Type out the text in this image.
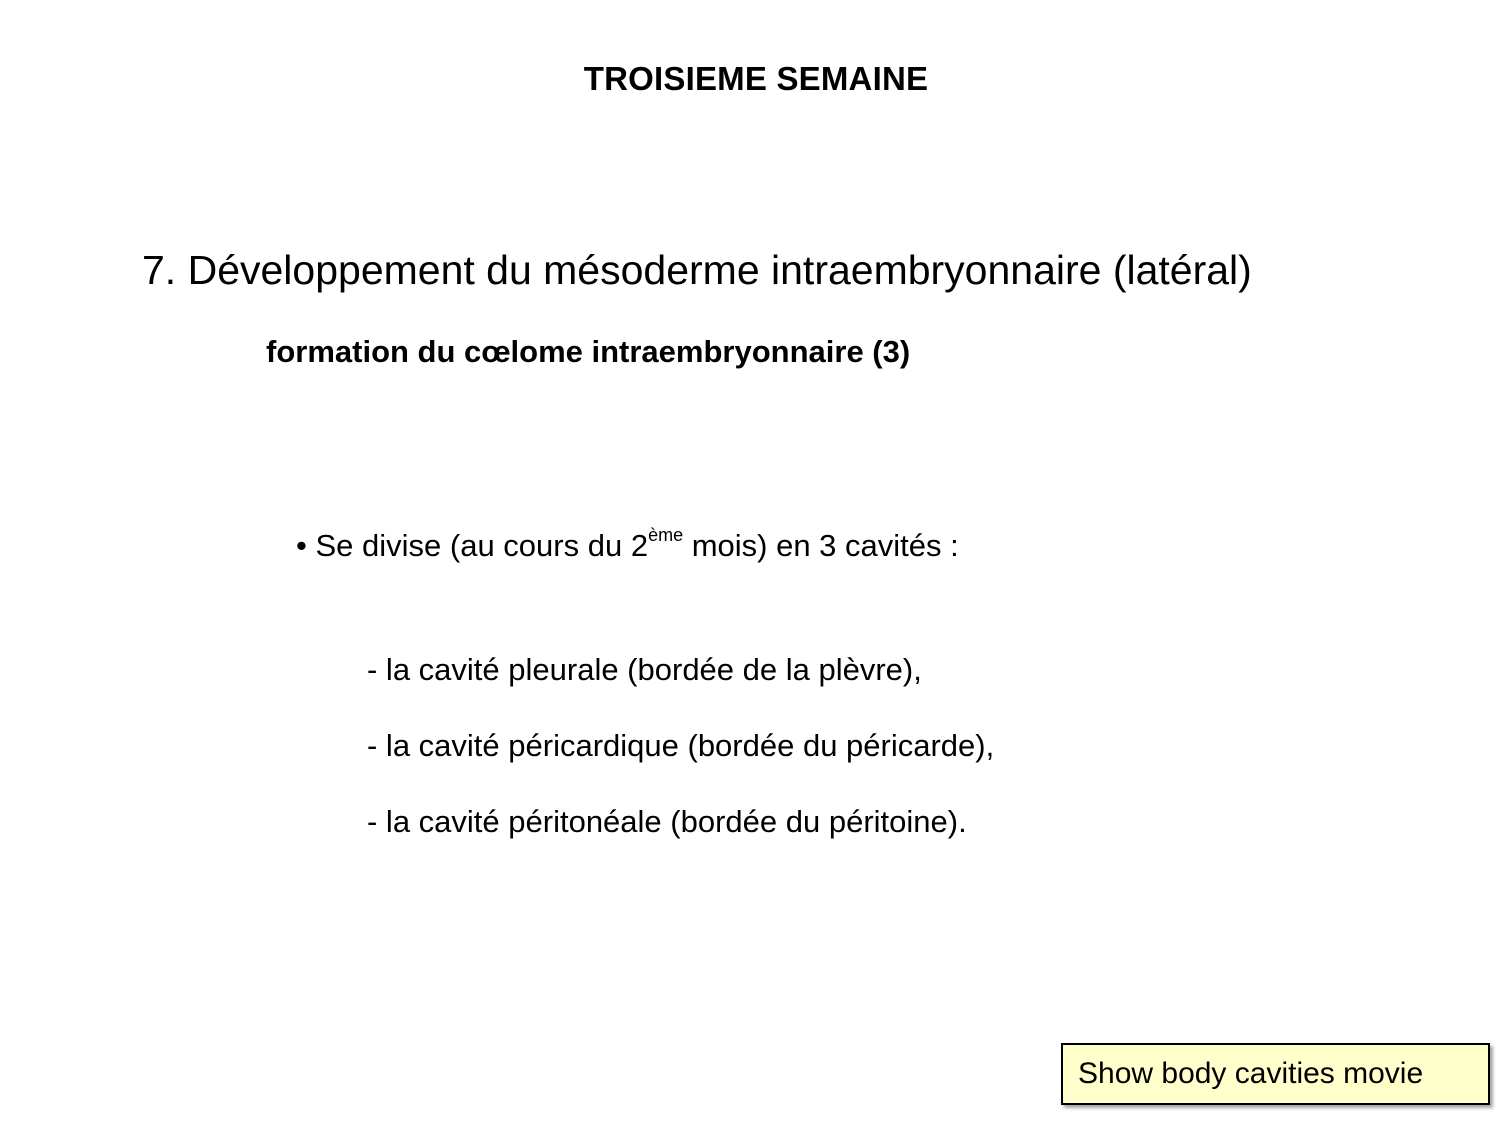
TROISIEME SEMAINE
7. Développement du mésoderme intraembryonnaire (latéral)
formation du cœlome intraembryonnaire (3)
• Se divise (au cours du 2ème mois) en 3 cavités :
- la cavité pleurale (bordée de la plèvre),
- la cavité péricardique (bordée du péricarde),
- la cavité péritonéale (bordée du péritoine).
Show body cavities movie
